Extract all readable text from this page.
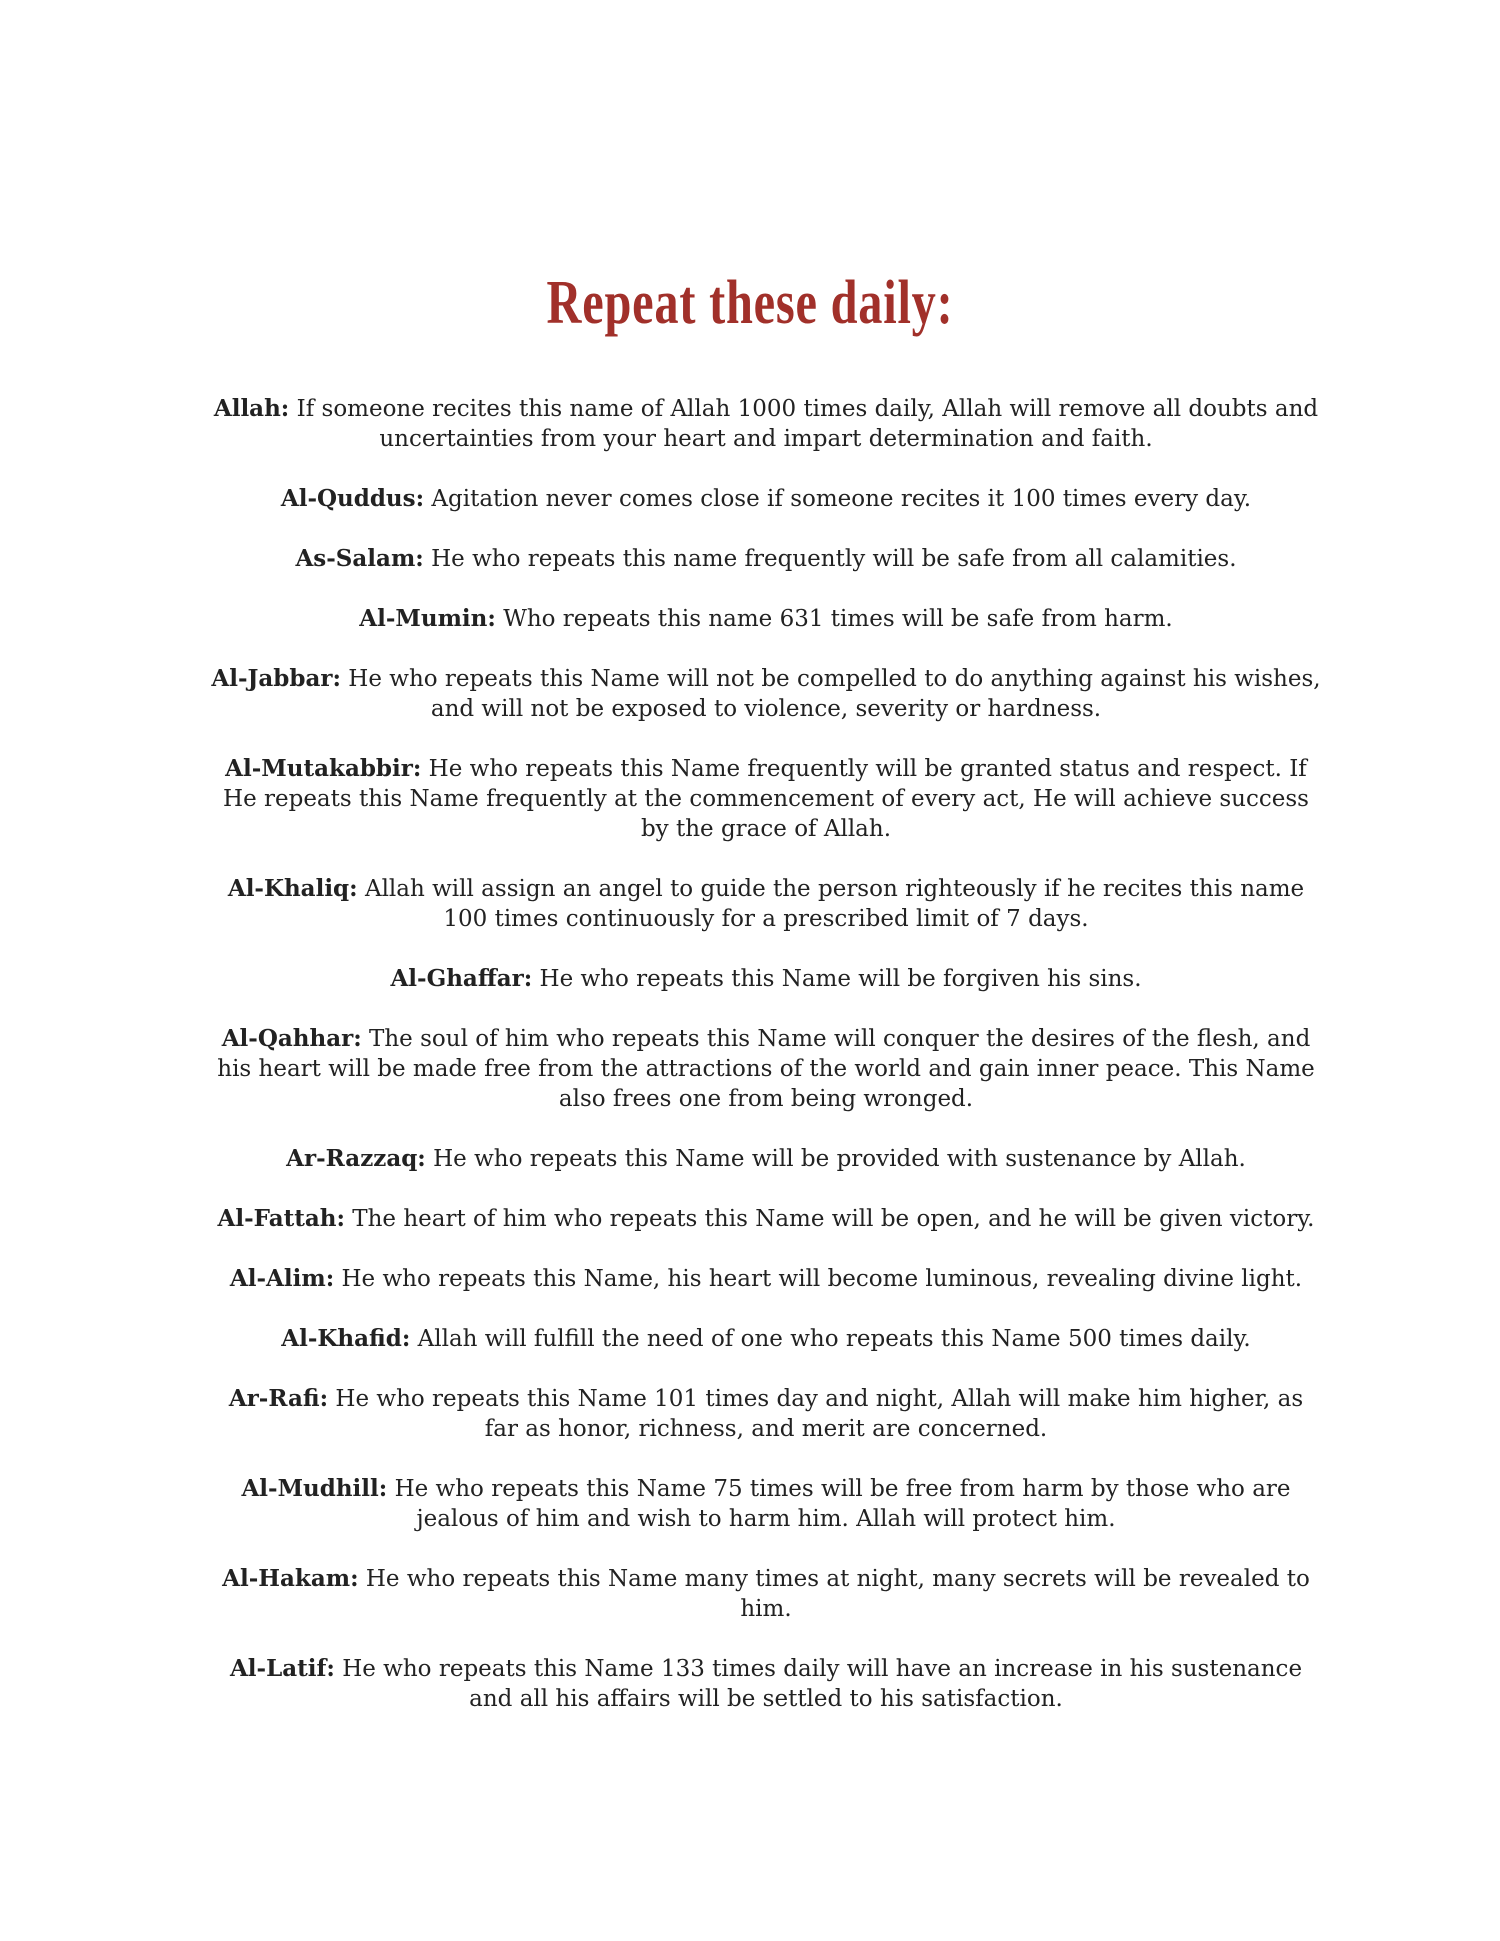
Repeat these daily:

Allah: If someone recites this name of Allah 1000 times daily, Allah will remove all doubts and uncertainties from your heart and impart determination and faith.

Al-Quddus: Agitation never comes close if someone recites it 100 times every day.

As-Salam: He who repeats this name frequently will be safe from all calamities.

Al-Mumin: Who repeats this name 631 times will be safe from harm.

Al-Jabbar: He who repeats this Name will not be compelled to do anything against his wishes, and will not be exposed to violence, severity or hardness.

Al-Mutakabbir: He who repeats this Name frequently will be granted status and respect. If He repeats this Name frequently at the commencement of every act, He will achieve success by the grace of Allah.

Al-Khaliq: Allah will assign an angel to guide the person righteously if he recites this name 100 times continuously for a prescribed limit of 7 days.

Al-Ghaffar: He who repeats this Name will be forgiven his sins.

Al-Qahhar: The soul of him who repeats this Name will conquer the desires of the flesh, and his heart will be made free from the attractions of the world and gain inner peace. This Name also frees one from being wronged.

Ar-Razzaq: He who repeats this Name will be provided with sustenance by Allah.

Al-Fattah: The heart of him who repeats this Name will be open, and he will be given victory.

Al-Alim: He who repeats this Name, his heart will become luminous, revealing divine light.

Al-Khafid: Allah will fulfill the need of one who repeats this Name 500 times daily.

Ar-Rafi: He who repeats this Name 101 times day and night, Allah will make him higher, as far as honor, richness, and merit are concerned.

Al-Mudhill: He who repeats this Name 75 times will be free from harm by those who are jealous of him and wish to harm him. Allah will protect him.

Al-Hakam: He who repeats this Name many times at night, many secrets will be revealed to him.

Al-Latif: He who repeats this Name 133 times daily will have an increase in his sustenance and all his affairs will be settled to his satisfaction.
